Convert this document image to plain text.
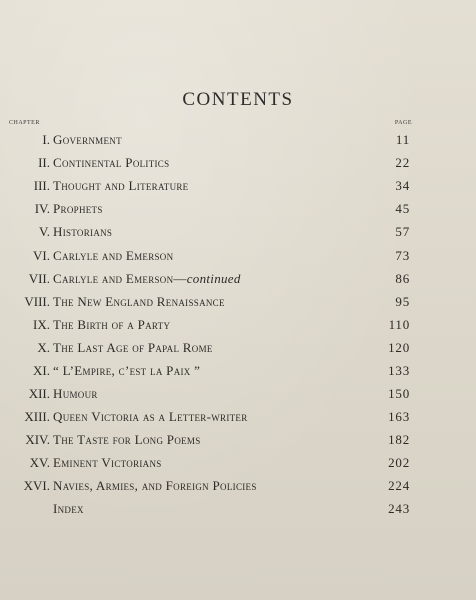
CONTENTS
CHAPTER	PAGE
I. Government	11
II. Continental Politics	22
III. Thought and Literature	34
IV. Prophets	45
V. Historians	57
VI. Carlyle and Emerson	73
VII. Carlyle and Emerson—continued	86
VIII. The New England Renaissance	95
IX. The Birth of a Party	110
X. The Last Age of Papal Rome	120
XI. “ L’Empire, c’est la Paix ”	133
XII. Humour	150
XIII. Queen Victoria as a Letter-writer	163
XIV. The Taste for Long Poems	182
XV. Eminent Victorians	202
XVI. Navies, Armies, and Foreign Policies	224
Index	243
